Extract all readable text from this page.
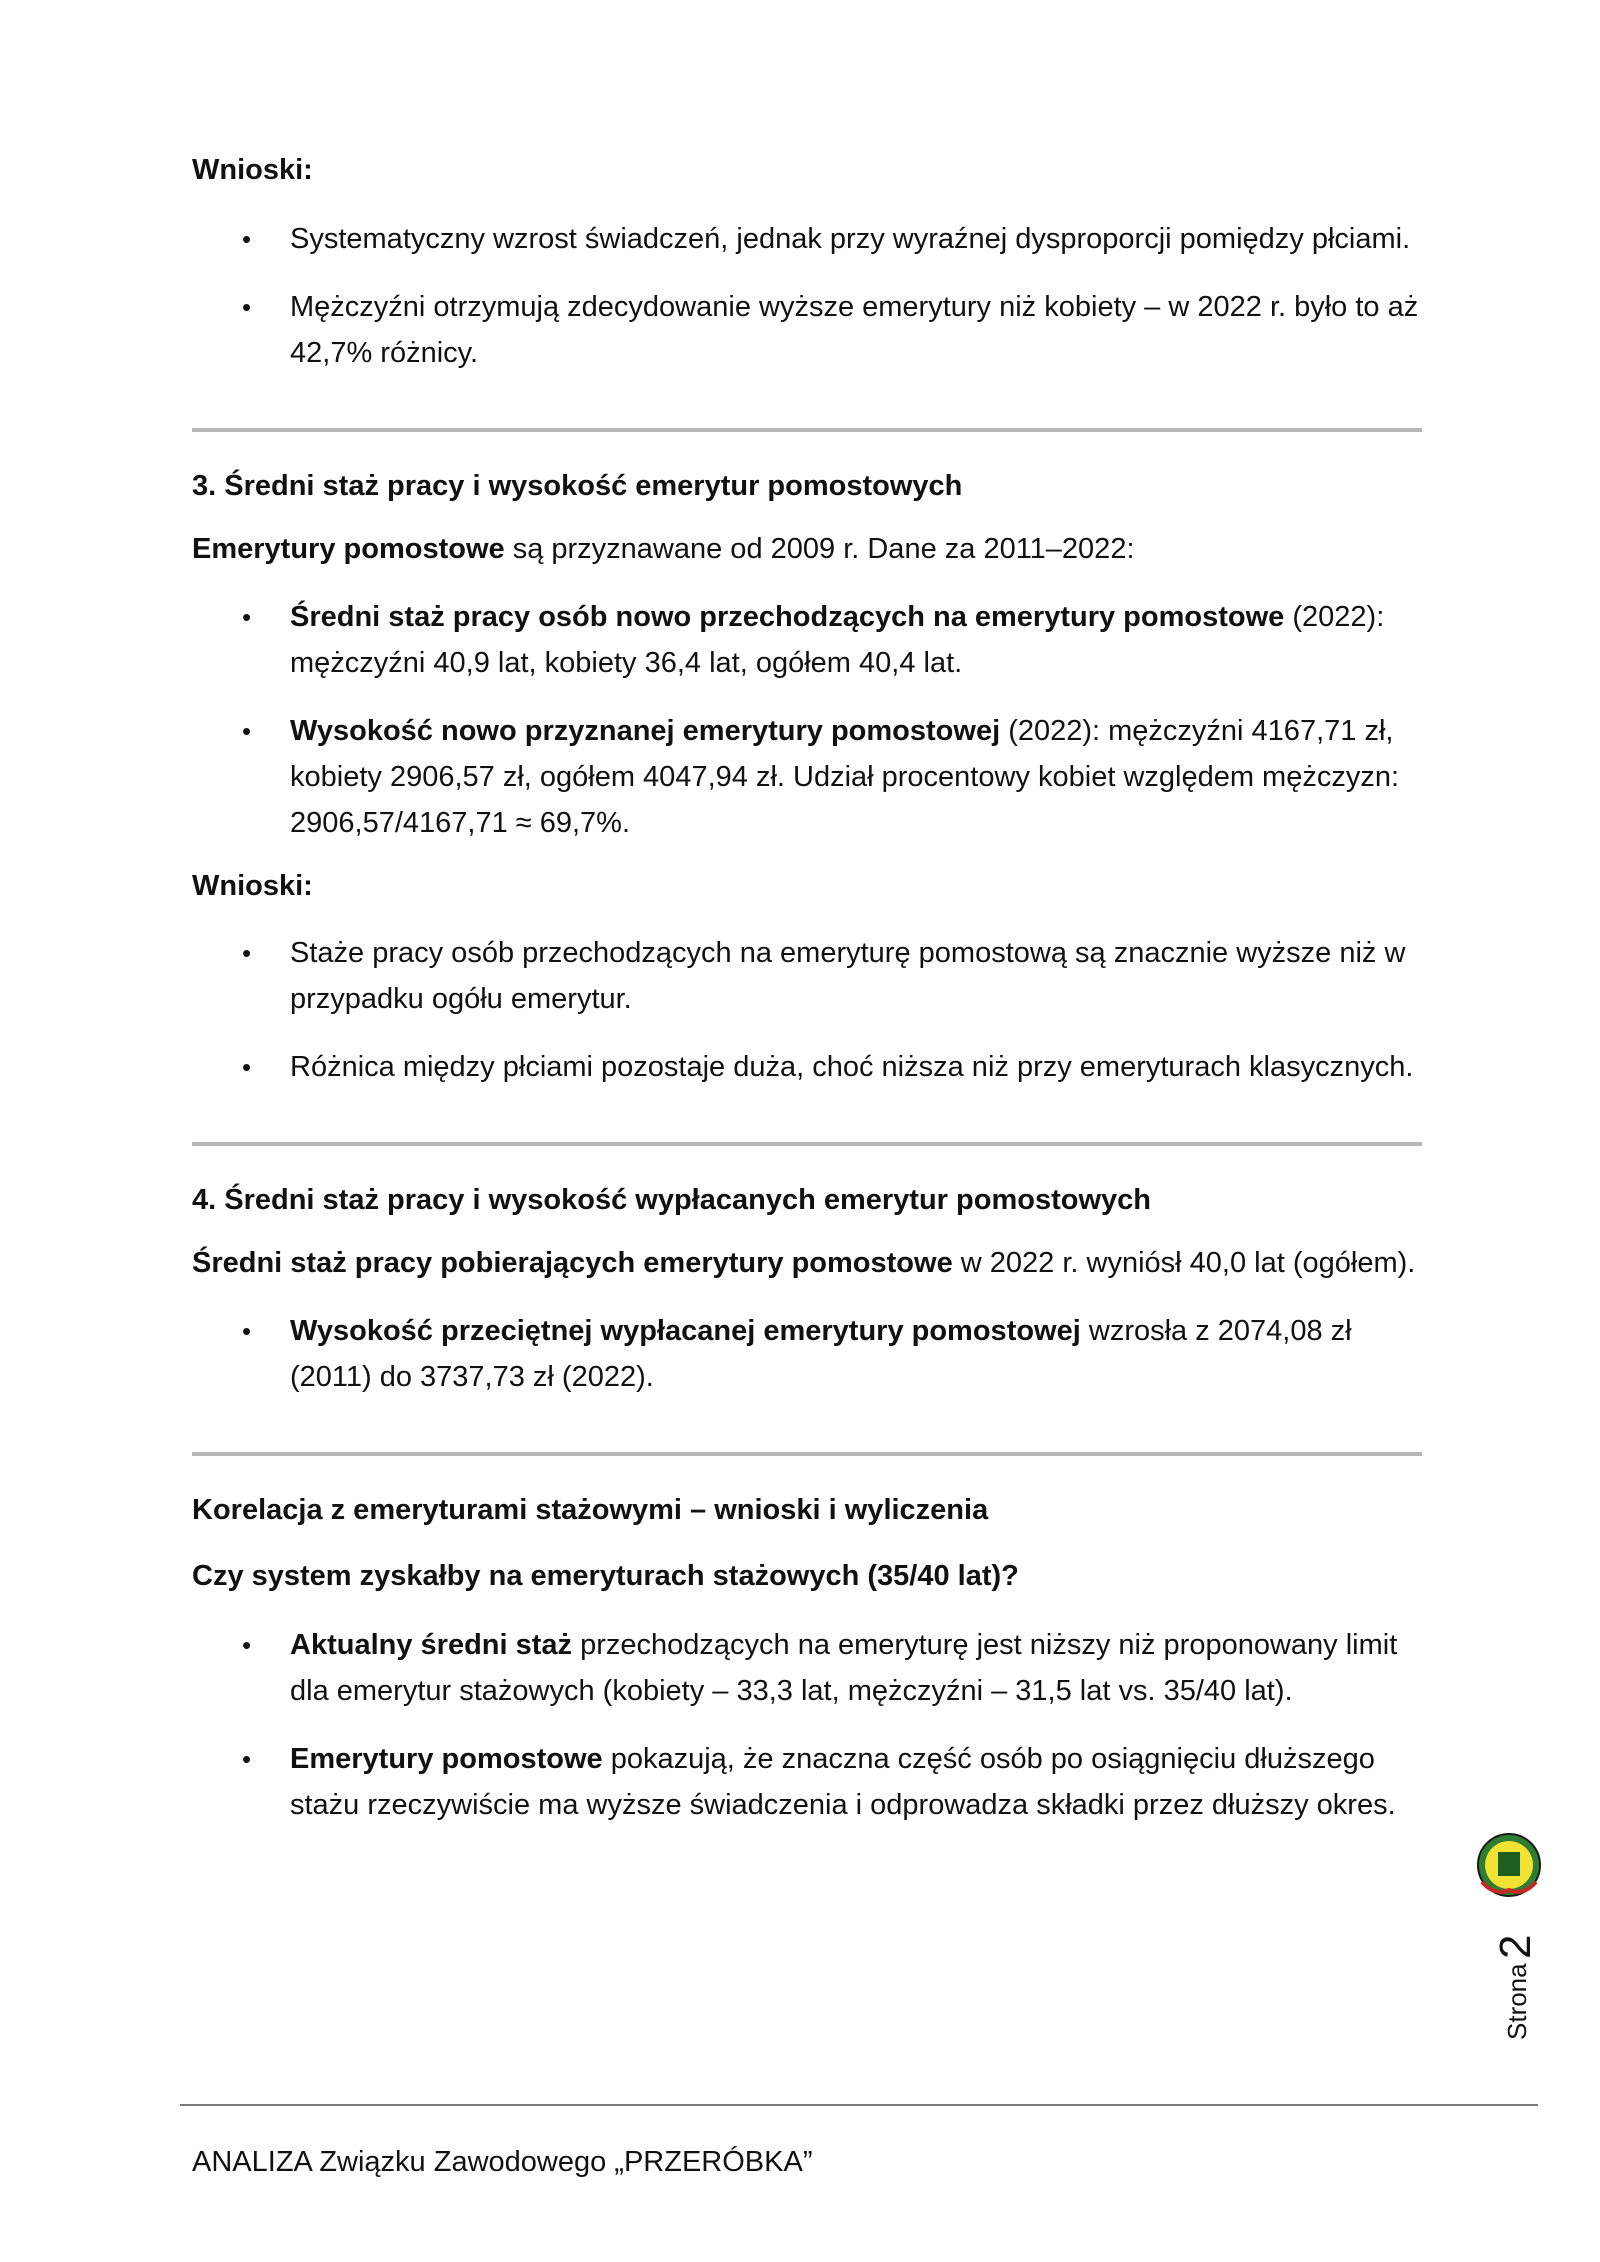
Wnioski:

• Systematyczny wzrost świadczeń, jednak przy wyraźnej dysproporcji pomiędzy płciami.
• Mężczyźni otrzymują zdecydowanie wyższe emerytury niż kobiety – w 2022 r. było to aż 42,7% różnicy.

3. Średni staż pracy i wysokość emerytur pomostowych

Emerytury pomostowe są przyznawane od 2009 r. Dane za 2011–2022:

• Średni staż pracy osób nowo przechodzących na emerytury pomostowe (2022): mężczyźni 40,9 lat, kobiety 36,4 lat, ogółem 40,4 lat.
• Wysokość nowo przyznanej emerytury pomostowej (2022): mężczyźni 4167,71 zł, kobiety 2906,57 zł, ogółem 4047,94 zł. Udział procentowy kobiet względem mężczyzn: 2906,57/4167,71 ≈ 69,7%.

Wnioski:

• Staże pracy osób przechodzących na emeryturę pomostową są znacznie wyższe niż w przypadku ogółu emerytur.
• Różnica między płciami pozostaje duża, choć niższa niż przy emeryturach klasycznych.

4. Średni staż pracy i wysokość wypłacanych emerytur pomostowych

Średni staż pracy pobierających emerytury pomostowe w 2022 r. wyniósł 40,0 lat (ogółem).

• Wysokość przeciętnej wypłacanej emerytury pomostowej wzrosła z 2074,08 zł (2011) do 3737,73 zł (2022).

Korelacja z emeryturami stażowymi – wnioski i wyliczenia

Czy system zyskałby na emeryturach stażowych (35/40 lat)?

• Aktualny średni staż przechodzących na emeryturę jest niższy niż proponowany limit dla emerytur stażowych (kobiety – 33,3 lat, mężczyźni – 31,5 lat vs. 35/40 lat).
• Emerytury pomostowe pokazują, że znaczna część osób po osiągnięciu dłuższego stażu rzeczywiście ma wyższe świadczenia i odprowadza składki przez dłuższy okres.
2
Strona
ANALIZA Związku Zawodowego „PRZERÓBKA”
